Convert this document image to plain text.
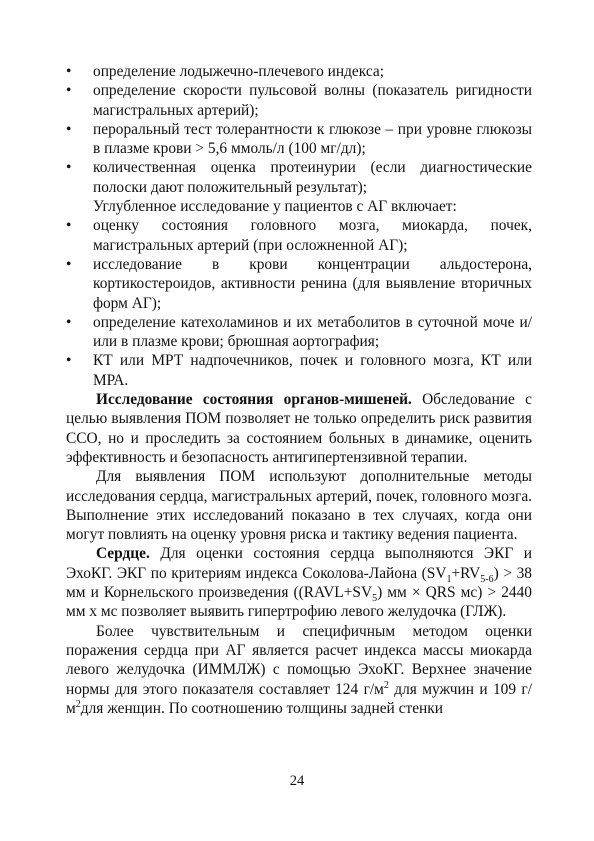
•	определение лодыжечно-плечевого индекса;
•	определение скорости пульсовой волны (показатель ригидности магистральных артерий);
•	пероральный тест толерантности к глюкозе – при уровне глюкозы в плазме крови > 5,6 ммоль/л (100 мг/дл);
•	количественная оценка протеинурии (если диагностические полоски дают положительный результат);

Углубленное исследование у пациентов с АГ включает:

•	оценку состояния головного мозга, миокарда, почек, магистральных артерий (при осложненной АГ);
•	исследование в крови концентрации альдостерона, кортикостероидов, активности ренина (для выявление вторичных форм АГ);
•	определение катехоламинов и их метаболитов в суточной моче и/или в плазме крови; брюшная аортография;
•	КТ или МРТ надпочечников, почек и головного мозга, КТ или МРА.

Исследование состояния органов-мишеней. Обследование с целью выявления ПОМ позволяет не только определить риск развития ССО, но и проследить за состоянием больных в динамике, оценить эффективность и безопасность антигипертензивной терапии.

Для выявления ПОМ используют дополнительные методы исследования сердца, магистральных артерий, почек, головного мозга. Выполнение этих исследований показано в тех случаях, когда они могут повлиять на оценку уровня риска и тактику ведения пациента.

Сердце. Для оценки состояния сердца выполняются ЭКГ и ЭхоКГ. ЭКГ по критериям индекса Соколова-Лайона $(SV_1+RV_{5-6}) > 38$ мм и Корнельского произведения ($(RAVL+SV_5)$ мм × QRS мс) > 2440 мм х мс позволяет выявить гипертрофию левого желудочка (ГЛЖ).

Более чувствительным и специфичным методом оценки поражения сердца при АГ является расчет индекса массы миокарда левого желудочка (ИММЛЖ) с помощью ЭхоКГ. Верхнее значение нормы для этого показателя составляет 124 $г/м^2$ для мужчин и 109 $г/м^2для$ женщин. По соотношению толщины задней стенки

24
